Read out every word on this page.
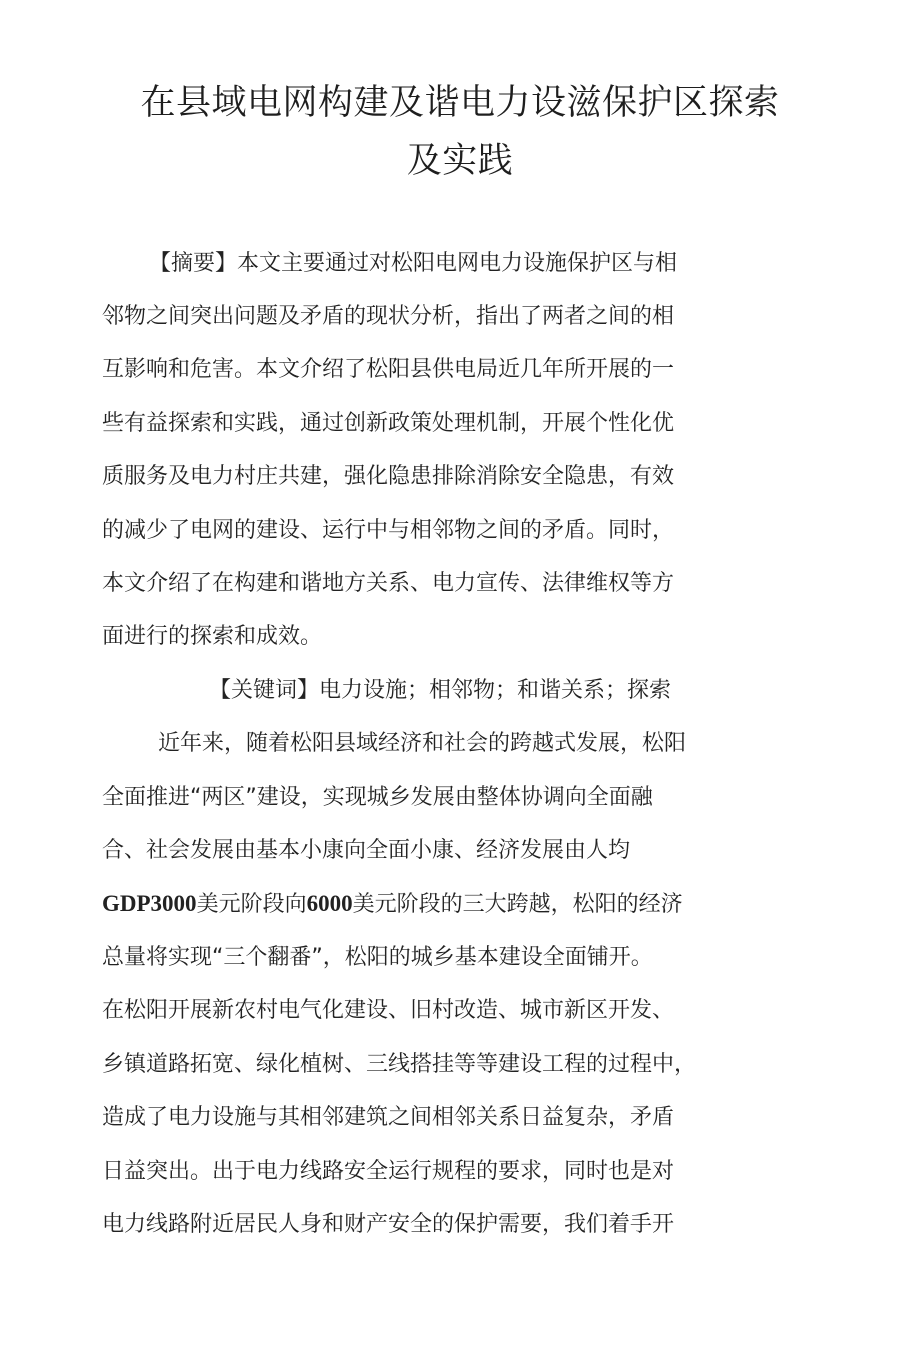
在县域电网构建及谐电力设滋保护区探索
及实践
【摘要】本文主要通过对松阳电网电力设施保护区与相
邻物之间突出问题及矛盾的现状分析，指出了两者之间的相
互影响和危害。本文介绍了松阳县供电局近几年所开展的一
些有益探索和实践，通过创新政策处理机制，开展个性化优
质服务及电力村庄共建，强化隐患排除消除安全隐患，有效
的减少了电网的建设、运行中与相邻物之间的矛盾。同时，
本文介绍了在构建和谐地方关系、电力宣传、法律维权等方
面进行的探索和成效。
【关键词】电力设施；相邻物；和谐关系；探索
近年来，随着松阳县域经济和社会的跨越式发展，松阳
全面推进“两区”建设，实现城乡发展由整体协调向全面融
合、社会发展由基本小康向全面小康、经济发展由人均
GDP3000美元阶段向6000美元阶段的三大跨越，松阳的经济
总量将实现“三个翻番”，松阳的城乡基本建设全面铺开。
在松阳开展新农村电气化建设、旧村改造、城市新区开发、
乡镇道路拓宽、绿化植树、三线搭挂等等建设工程的过程中，
造成了电力设施与其相邻建筑之间相邻关系日益复杂，矛盾
日益突出。出于电力线路安全运行规程的要求，同时也是对
电力线路附近居民人身和财产安全的保护需要，我们着手开
